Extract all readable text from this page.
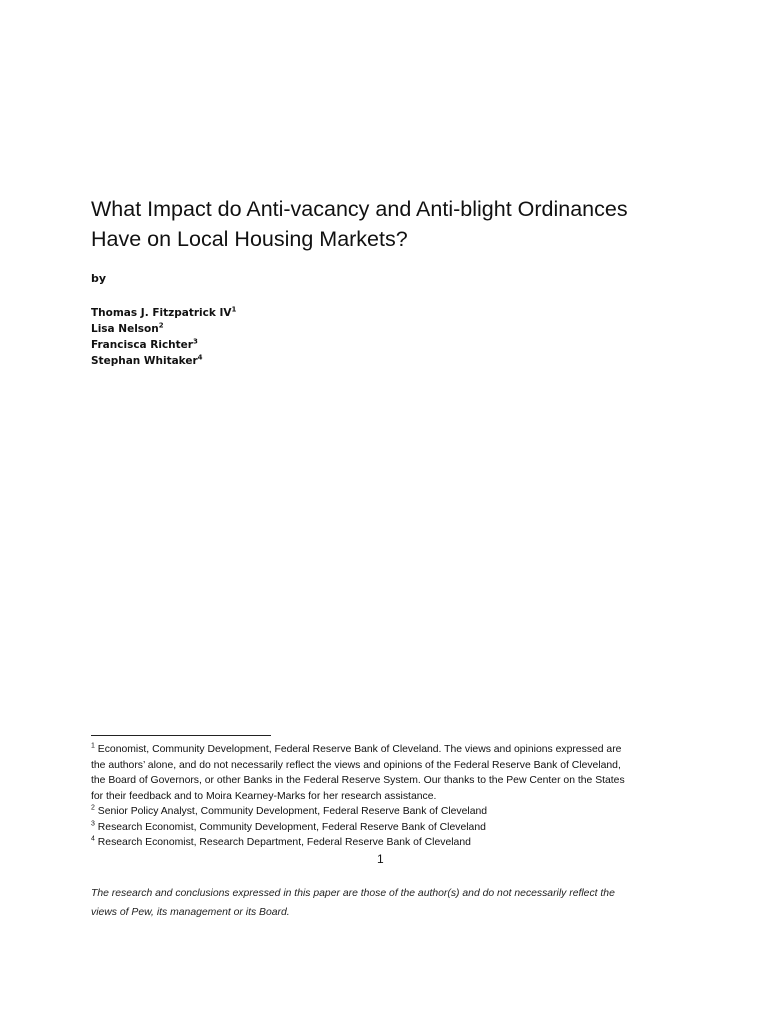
What Impact do Anti-vacancy and Anti-blight Ordinances
Have on Local Housing Markets?
by
Thomas J. Fitzpatrick $IV^1$
Lisa Nelson$^2$
Francisca Richter$^3$
Stephan Whitaker$^4$
$^1$ Economist, Community Development, Federal Reserve Bank of Cleveland. The views and opinions expressed are
the authors’ alone, and do not necessarily reflect the views and opinions of the Federal Reserve Bank of Cleveland,
the Board of Governors, or other Banks in the Federal Reserve System. Our thanks to the Pew Center on the States
for their feedback and to Moira Kearney-Marks for her research assistance.
$^2$ Senior Policy Analyst, Community Development, Federal Reserve Bank of Cleveland
$^3$ Research Economist, Community Development, Federal Reserve Bank of Cleveland
$^4$ Research Economist, Research Department, Federal Reserve Bank of Cleveland
1
The research and conclusions expressed in this paper are those of the author(s) and do not necessarily reflect the
views of Pew, its management or its Board.
